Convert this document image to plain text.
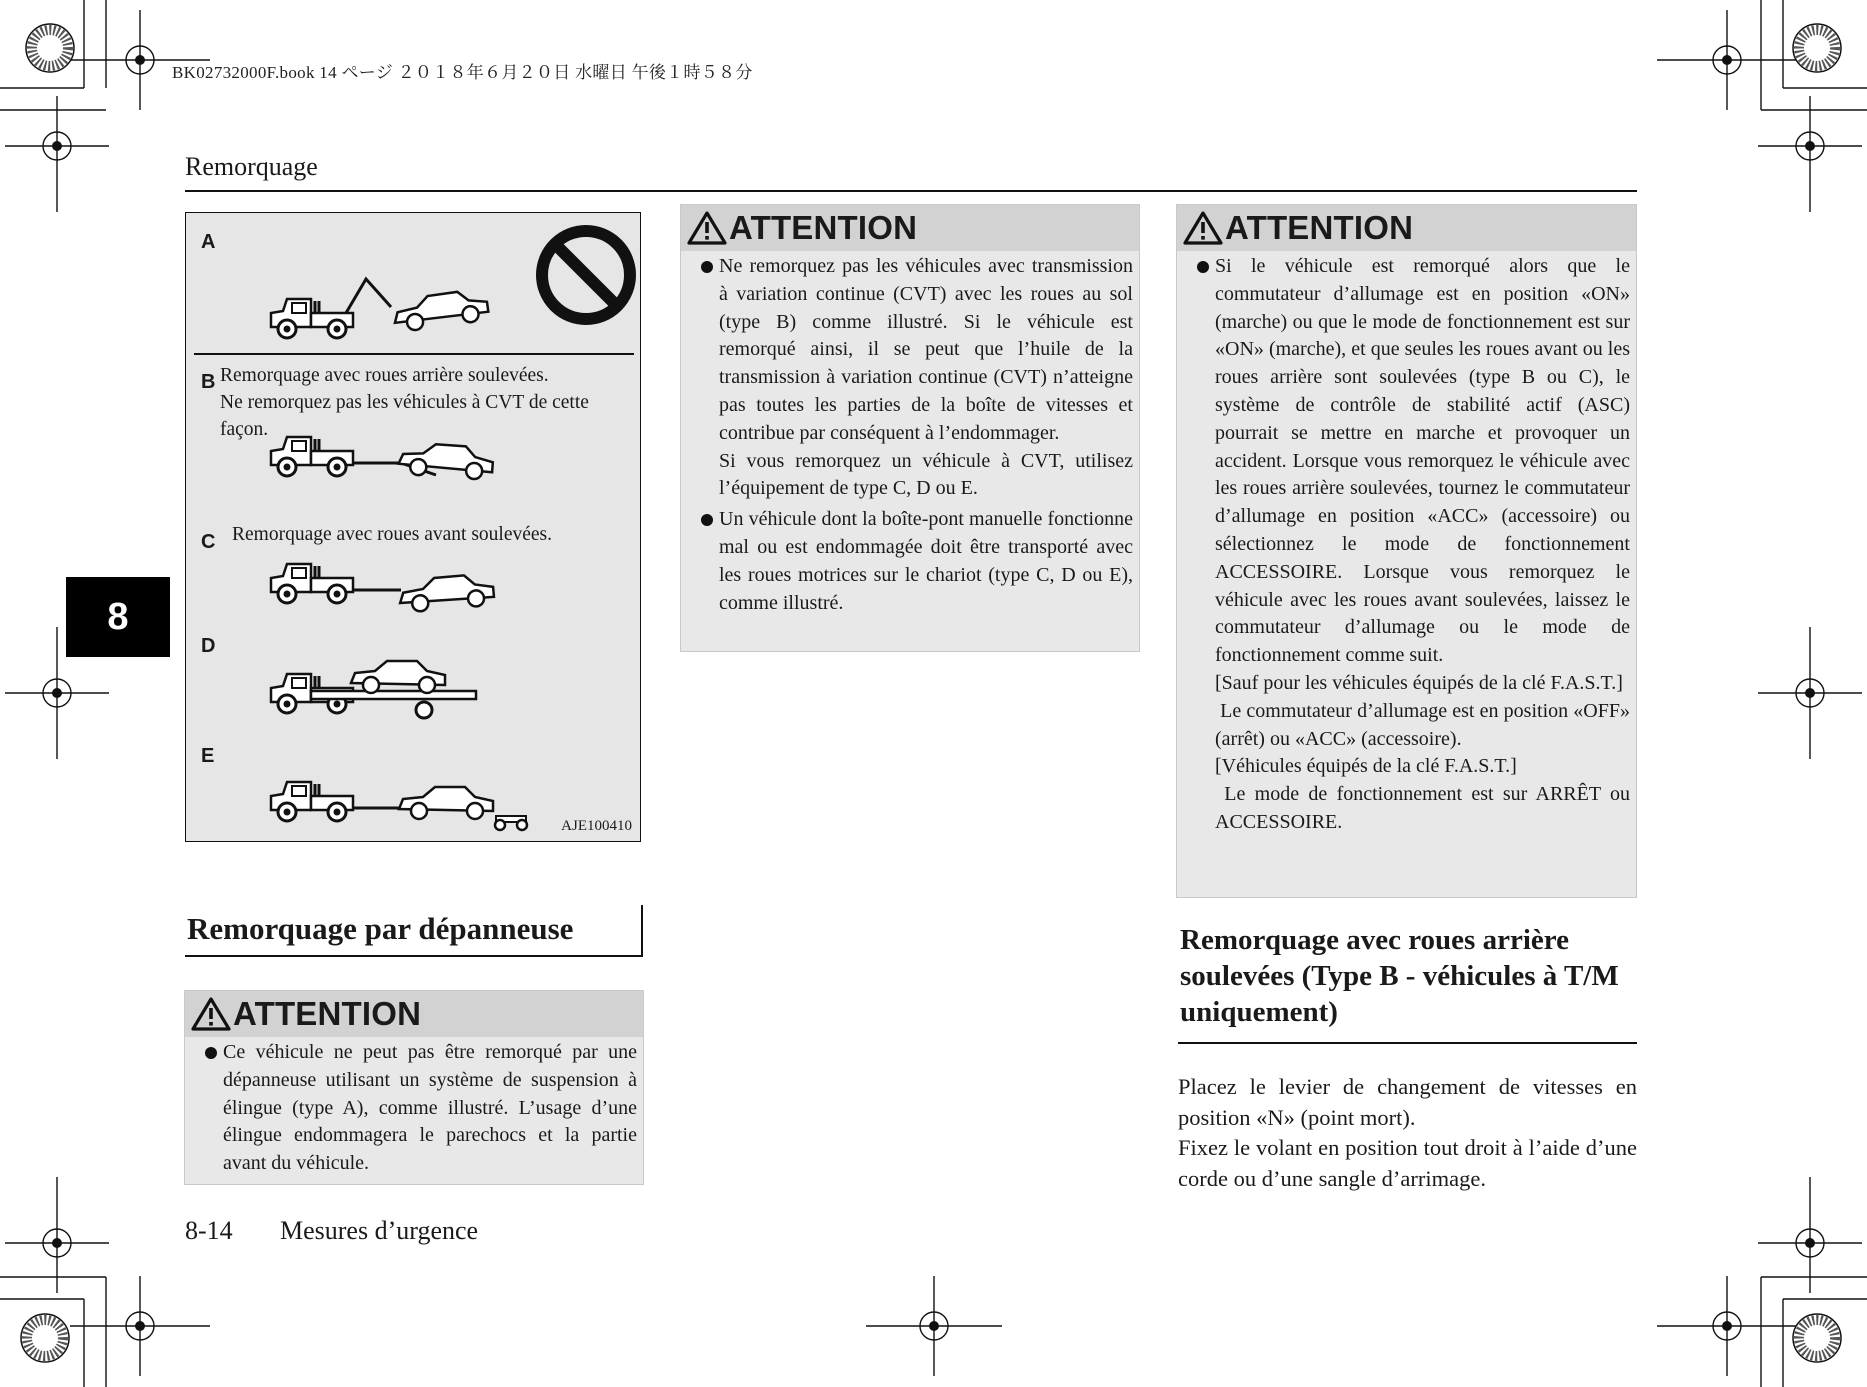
BK02732000F.book 14 ページ ２０１８年６月２０日 水曜日 午後１時５８分
Remorquage
8
A
B Remorquage avec roues arrière soulevées.
Ne remorquez pas les véhicules à CVT de cette
façon.
C Remorquage avec roues avant soulevées.
D
E
AJE100410
Remorquage par dépanneuse
ATTENTION

Ce véhicule ne peut pas être remorqué par une dépanneuse utilisant un système de suspension à élingue (type A), comme illustré. L’usage d’une élingue endommagera le parechocs et la partie avant du véhicule.

ATTENTION

Ne remorquez pas les véhicules avec transmission à variation continue (CVT) avec les roues au sol (type B) comme illustré. Si le véhicule est remorqué ainsi, il se peut que l’huile de la transmission à variation continue (CVT) n’atteigne pas toutes les parties de la boîte de vitesses et contribue par conséquent à l’endommager.

Si vous remorquez un véhicule à CVT, utilisez l’équipement de type C, D ou E.

Un véhicule dont la boîte-pont manuelle fonctionne mal ou est endommagée doit être transporté avec les roues motrices sur le chariot (type C, D ou E), comme illustré.

ATTENTION

Si le véhicule est remorqué alors que le commutateur d’allumage est en position «ON» (marche) ou que le mode de fonctionnement est sur «ON» (marche), et que seules les roues avant ou les roues arrière sont soulevées (type B ou C), le système de contrôle de stabilité actif (ASC) pourrait se mettre en marche et provoquer un accident. Lorsque vous remorquez le véhicule avec les roues arrière soulevées, tournez le commutateur d’allumage en position «ACC» (accessoire) ou sélectionnez le mode de fonctionnement ACCESSOIRE. Lorsque vous remorquez le véhicule avec les roues avant soulevées, laissez le commutateur d’allumage ou le mode de fonctionnement comme suit.

[Sauf pour les véhicules équipés de la clé F.A.S.T.]

Le commutateur d’allumage est en position «OFF» (arrêt) ou «ACC» (accessoire).

[Véhicules équipés de la clé F.A.S.T.]

Le mode de fonctionnement est sur ARRÊT ou ACCESSOIRE.

Remorquage avec roues arrière soulevées (Type B - véhicules à T/M uniquement)

Placez le levier de changement de vitesses en position «N» (point mort).

Fixez le volant en position tout droit à l’aide d’une corde ou d’une sangle d’arrimage.

8-14 Mesures d’urgence
